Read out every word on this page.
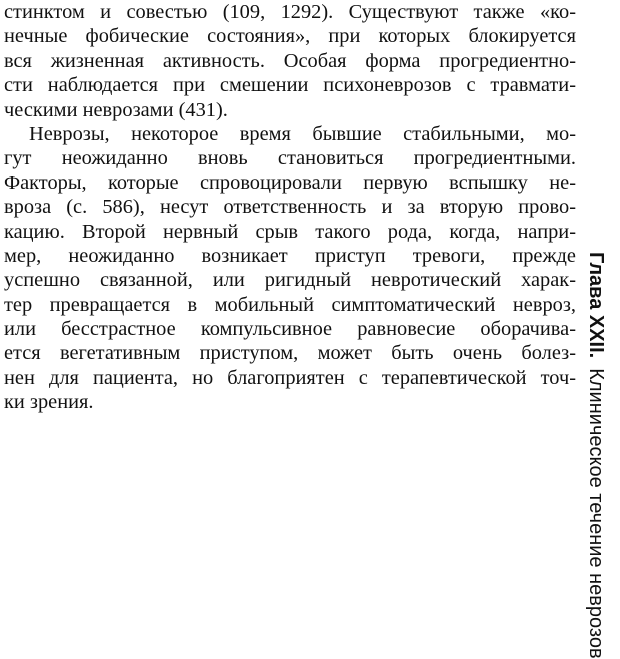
стинктом и совестью (109, 1292). Существуют также «ко-
нечные фобические состояния», при которых блокируется
вся жизненная активность. Особая форма прогредиентно-
сти наблюдается при смешении психоневрозов с травмати-
ческими неврозами (431).
Неврозы, некоторое время бывшие стабильными, мо-
гут неожиданно вновь становиться прогредиентными.
Факторы, которые спровоцировали первую вспышку не-
вроза (с. 586), несут ответственность и за вторую прово-
кацию. Второй нервный срыв такого рода, когда, напри-
мер, неожиданно возникает приступ тревоги, прежде
успешно связанной, или ригидный невротический харак-
тер превращается в мобильный симптоматический невроз,
или бесстрастное компульсивное равновесие оборачива-
ется вегетативным приступом, может быть очень болез-
нен для пациента, но благоприятен с терапевтической точ-
ки зрения.
Глава XXII.Клиническое течение неврозов
